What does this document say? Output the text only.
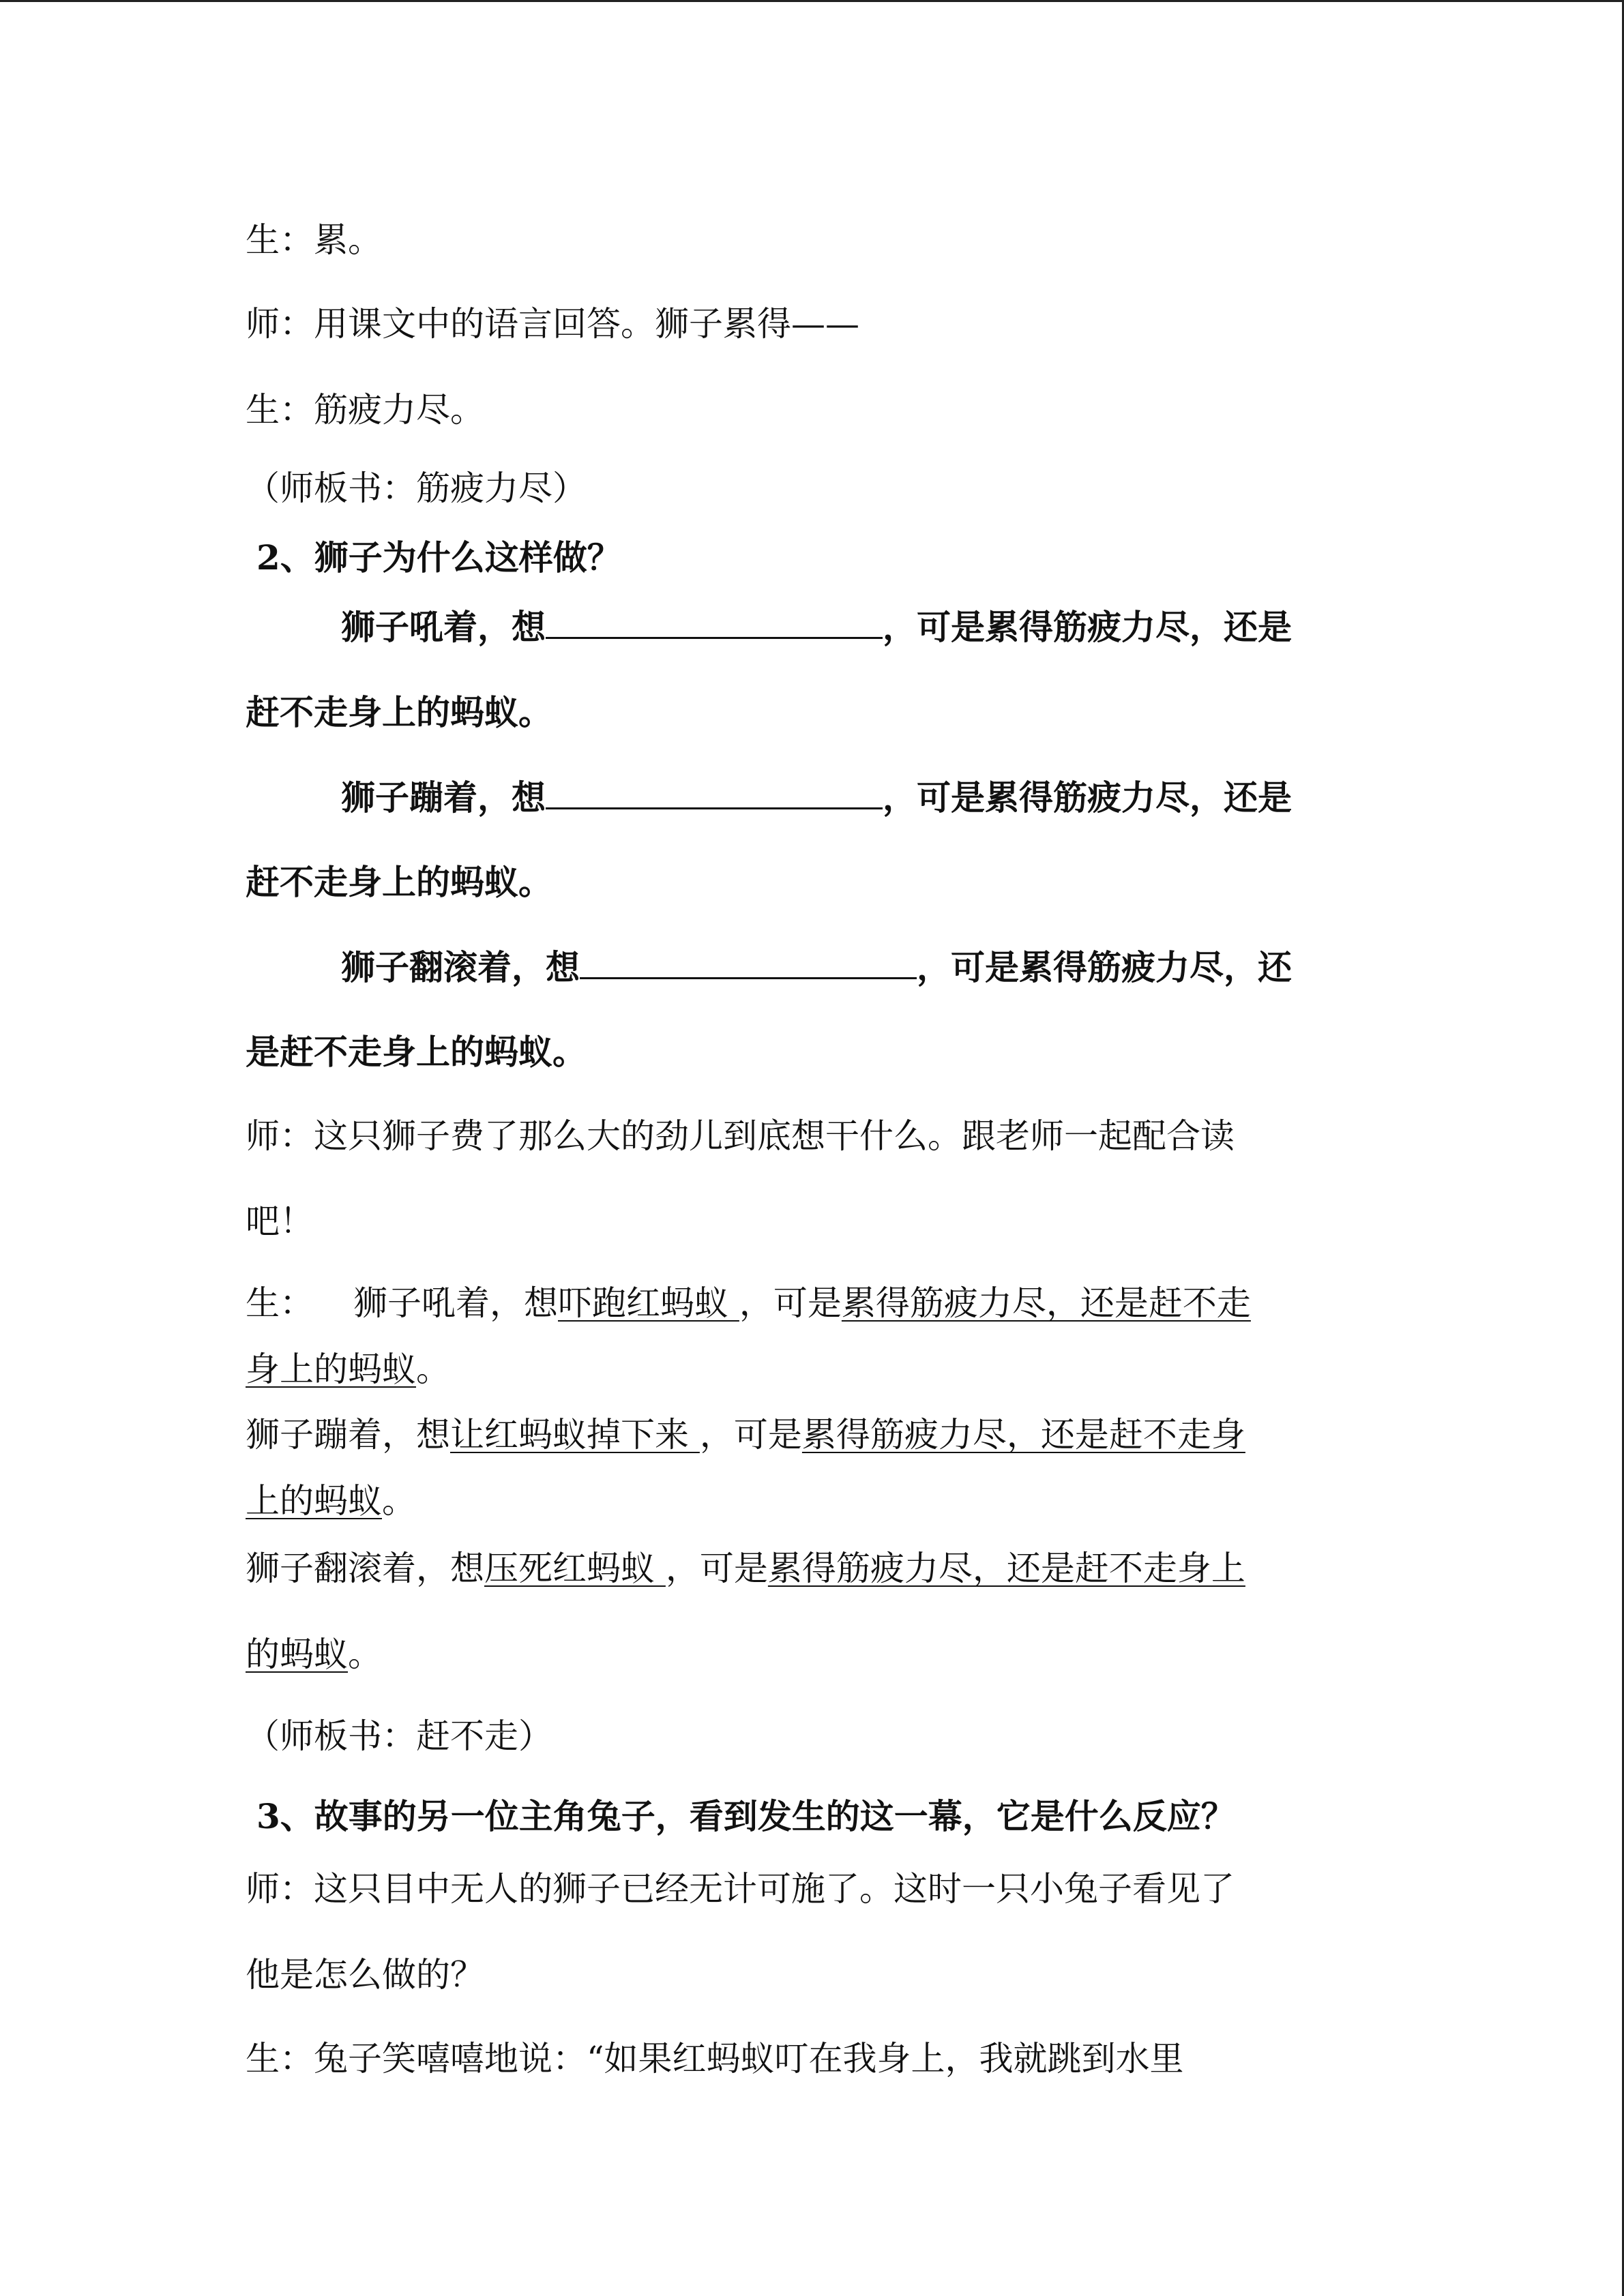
生：累。
师：用课文中的语言回答。狮子累得——
生：筋疲力尽。
（师板书：筋疲力尽）
2、狮子为什么这样做？
狮子吼着，想	，可是累得筋疲力尽，还是
赶不走身上的蚂蚁。
狮子蹦着，想	，可是累得筋疲力尽，还是
赶不走身上的蚂蚁。
狮子翻滚着，想	，可是累得筋疲力尽，还
是赶不走身上的蚂蚁。
师：这只狮子费了那么大的劲儿到底想干什么。跟老师一起配合读
吧！
生： 狮子吼着，想吓跑红蚂蚁 ，可是累得筋疲力尽，还是赶不走
身上的蚂蚁。
狮子蹦着，想让红蚂蚁掉下来 ，可是累得筋疲力尽，还是赶不走身
上的蚂蚁。
狮子翻滚着，想压死红蚂蚁 ，可是累得筋疲力尽，还是赶不走身上
的蚂蚁。
（师板书：赶不走）
3、故事的另一位主角兔子，看到发生的这一幕，它是什么反应？
师：这只目中无人的狮子已经无计可施了。这时一只小兔子看见了
他是怎么做的？
生：兔子笑嘻嘻地说：“如果红蚂蚁叮在我身上，我就跳到水里
